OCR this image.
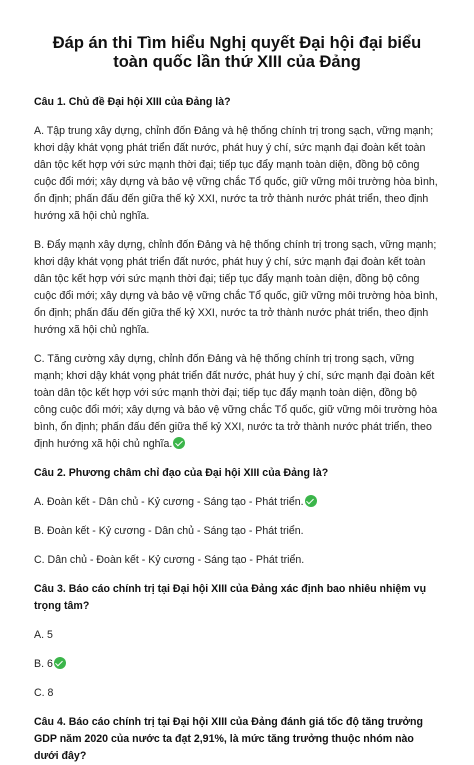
Đáp án thi Tìm hiểu Nghị quyết Đại hội đại biểu toàn quốc lần thứ XIII của Đảng

Câu 1. Chủ đề Đại hội XIII của Đảng là?

A. Tập trung xây dựng, chỉnh đốn Đảng và hệ thống chính trị trong sạch, vững mạnh; khơi dậy khát vọng phát triển đất nước, phát huy ý chí, sức mạnh đại đoàn kết toàn dân tộc kết hợp với sức mạnh thời đại; tiếp tục đẩy mạnh toàn diện, đồng bộ công cuộc đổi mới; xây dựng và bảo vệ vững chắc Tổ quốc, giữ vững môi trường hòa bình, ổn định; phấn đấu đến giữa thế kỷ XXI, nước ta trở thành nước phát triển, theo định hướng xã hội chủ nghĩa.

B. Đẩy mạnh xây dựng, chỉnh đốn Đảng và hệ thống chính trị trong sạch, vững mạnh; khơi dậy khát vọng phát triển đất nước, phát huy ý chí, sức mạnh đại đoàn kết toàn dân tộc kết hợp với sức mạnh thời đại; tiếp tục đẩy mạnh toàn diện, đồng bộ công cuộc đổi mới; xây dựng và bảo vệ vững chắc Tổ quốc, giữ vững môi trường hòa bình, ổn định; phấn đấu đến giữa thế kỷ XXI, nước ta trở thành nước phát triển, theo định hướng xã hội chủ nghĩa.

C. Tăng cường xây dựng, chỉnh đốn Đảng và hệ thống chính trị trong sạch, vững mạnh; khơi dậy khát vọng phát triển đất nước, phát huy ý chí, sức mạnh đại đoàn kết toàn dân tộc kết hợp với sức mạnh thời đại; tiếp tục đẩy mạnh toàn diện, đồng bộ công cuộc đổi mới; xây dựng và bảo vệ vững chắc Tổ quốc, giữ vững môi trường hòa bình, ổn định; phấn đấu đến giữa thế kỷ XXI, nước ta trở thành nước phát triển, theo định hướng xã hội chủ nghĩa.

Câu 2. Phương châm chỉ đạo của Đại hội XIII của Đảng là?

A. Đoàn kết - Dân chủ - Kỷ cương - Sáng tạo - Phát triển.

B. Đoàn kết - Kỷ cương - Dân chủ - Sáng tạo - Phát triển.

C. Dân chủ - Đoàn kết - Kỷ cương - Sáng tạo - Phát triển.

Câu 3. Báo cáo chính trị tại Đại hội XIII của Đảng xác định bao nhiêu nhiệm vụ trọng tâm?

A. 5

B. 6

C. 8

Câu 4. Báo cáo chính trị tại Đại hội XIII của Đảng đánh giá tốc độ tăng trưởng GDP năm 2020 của nước ta đạt 2,91%, là mức tăng trưởng thuộc nhóm nào dưới đây?
